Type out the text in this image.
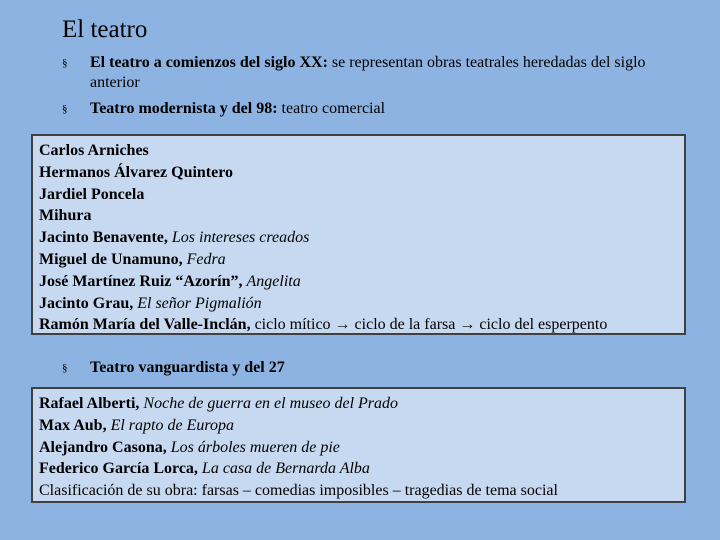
El teatro
§	El teatro a comienzos del siglo XX: se representan obras teatrales heredadas del siglo anterior
§	Teatro modernista y del 98: teatro comercial
Carlos Arniches
Hermanos Álvarez Quintero
Jardiel Poncela
Mihura
Jacinto Benavente, Los intereses creados
Miguel de Unamuno, Fedra
José Martínez Ruiz “Azorín”, Angelita
Jacinto Grau, El señor Pigmalión
Ramón María del Valle-Inclán, ciclo mítico → ciclo de la farsa → ciclo del esperpento
§	Teatro vanguardista y del 27
Rafael Alberti, Noche de guerra en el museo del Prado
Max Aub, El rapto de Europa
Alejandro Casona, Los árboles mueren de pie
Federico García Lorca, La casa de Bernarda Alba
Clasificación de su obra: farsas – comedias imposibles – tragedias de tema social
